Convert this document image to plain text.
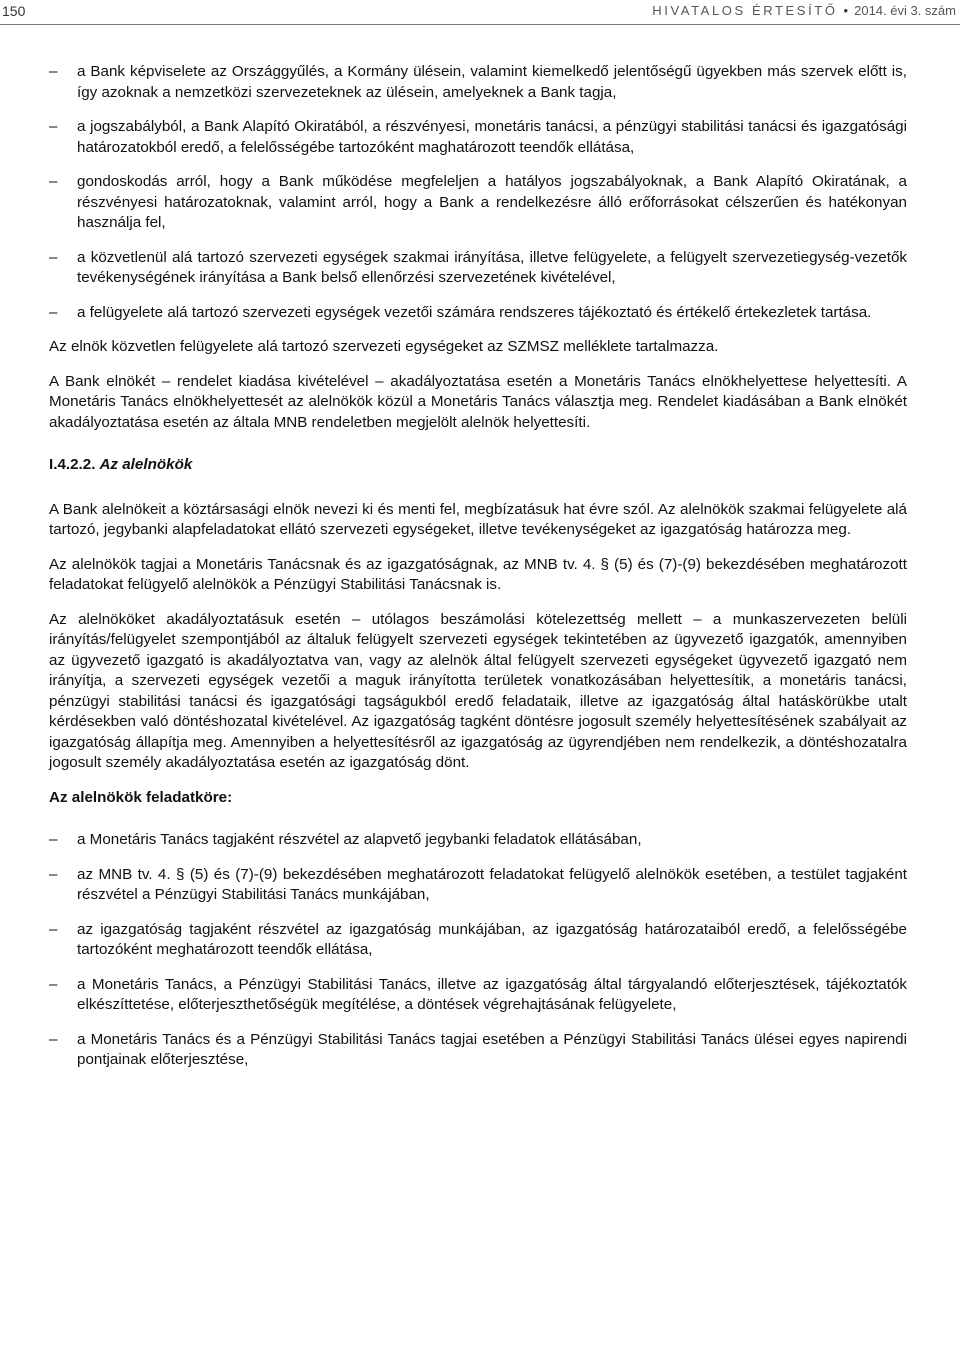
150	HIVATALOS ÉRTESÍTŐ • 2014. évi 3. szám
– a Bank képviselete az Országgyűlés, a Kormány ülésein, valamint kiemelkedő jelentőségű ügyekben más szervek előtt is, így azoknak a nemzetközi szervezeteknek az ülésein, amelyeknek a Bank tagja,
– a jogszabályból, a Bank Alapító Okiratából, a részvényesi, monetáris tanácsi, a pénzügyi stabilitási tanácsi és igazgatósági határozatokból eredő, a felelősségébe tartozóként maghatározott teendők ellátása,
– gondoskodás arról, hogy a Bank működése megfeleljen a hatályos jogszabályoknak, a Bank Alapító Okiratának, a részvényesi határozatoknak, valamint arról, hogy a Bank a rendelkezésre álló erőforrásokat célszerűen és hatékonyan használja fel,
– a közvetlenül alá tartozó szervezeti egységek szakmai irányítása, illetve felügyelete, a felügyelt szervezetiegység-vezetők tevékenységének irányítása a Bank belső ellenőrzési szervezetének kivételével,
– a felügyelete alá tartozó szervezeti egységek vezetői számára rendszeres tájékoztató és értékelő értekezletek tartása.
Az elnök közvetlen felügyelete alá tartozó szervezeti egységeket az SZMSZ melléklete tartalmazza.
A Bank elnökét – rendelet kiadása kivételével – akadályoztatása esetén a Monetáris Tanács elnökhelyettese helyettesíti. A Monetáris Tanács elnökhelyettesét az alelnökök közül a Monetáris Tanács választja meg. Rendelet kiadásában a Bank elnökét akadályoztatása esetén az általa MNB rendeletben megjelölt alelnök helyettesíti.
I.4.2.2. Az alelnökök
A Bank alelnökeit a köztársasági elnök nevezi ki és menti fel, megbízatásuk hat évre szól. Az alelnökök szakmai felügyelete alá tartozó, jegybanki alapfeladatokat ellátó szervezeti egységeket, illetve tevékenységeket az igazgatóság határozza meg.
Az alelnökök tagjai a Monetáris Tanácsnak és az igazgatóságnak, az MNB tv. 4. § (5) és (7)-(9) bekezdésében meghatározott feladatokat felügyelő alelnökök a Pénzügyi Stabilitási Tanácsnak is.
Az alelnököket akadályoztatásuk esetén – utólagos beszámolási kötelezettség mellett – a munkaszervezeten belüli irányítás/felügyelet szempontjából az általuk felügyelt szervezeti egységek tekintetében az ügyvezető igazgatók, amennyiben az ügyvezető igazgató is akadályoztatva van, vagy az alelnök által felügyelt szervezeti egységeket ügyvezető igazgató nem irányítja, a szervezeti egységek vezetői a maguk irányította területek vonatkozásában helyettesítik, a monetáris tanácsi, pénzügyi stabilitási tanácsi és igazgatósági tagságukból eredő feladataik, illetve az igazgatóság által hatáskörükbe utalt kérdésekben való döntéshozatal kivételével. Az igazgatóság tagként döntésre jogosult személy helyettesítésének szabályait az igazgatóság állapítja meg. Amennyiben a helyettesítésről az igazgatóság az ügyrendjében nem rendelkezik, a döntéshozatalra jogosult személy akadályoztatása esetén az igazgatóság dönt.
Az alelnökök feladatköre:
– a Monetáris Tanács tagjaként részvétel az alapvető jegybanki feladatok ellátásában,
– az MNB tv. 4. § (5) és (7)-(9) bekezdésében meghatározott feladatokat felügyelő alelnökök esetében, a testület tagjaként részvétel a Pénzügyi Stabilitási Tanács munkájában,
– az igazgatóság tagjaként részvétel az igazgatóság munkájában, az igazgatóság határozataiból eredő, a felelősségébe tartozóként meghatározott teendők ellátása,
– a Monetáris Tanács, a Pénzügyi Stabilitási Tanács, illetve az igazgatóság által tárgyalandó előterjesztések, tájékoztatók elkészíttetése, előterjeszthetőségük megítélése, a döntések végrehajtásának felügyelete,
– a Monetáris Tanács és a Pénzügyi Stabilitási Tanács tagjai esetében a Pénzügyi Stabilitási Tanács ülései egyes napirendi pontjainak előterjesztése,
